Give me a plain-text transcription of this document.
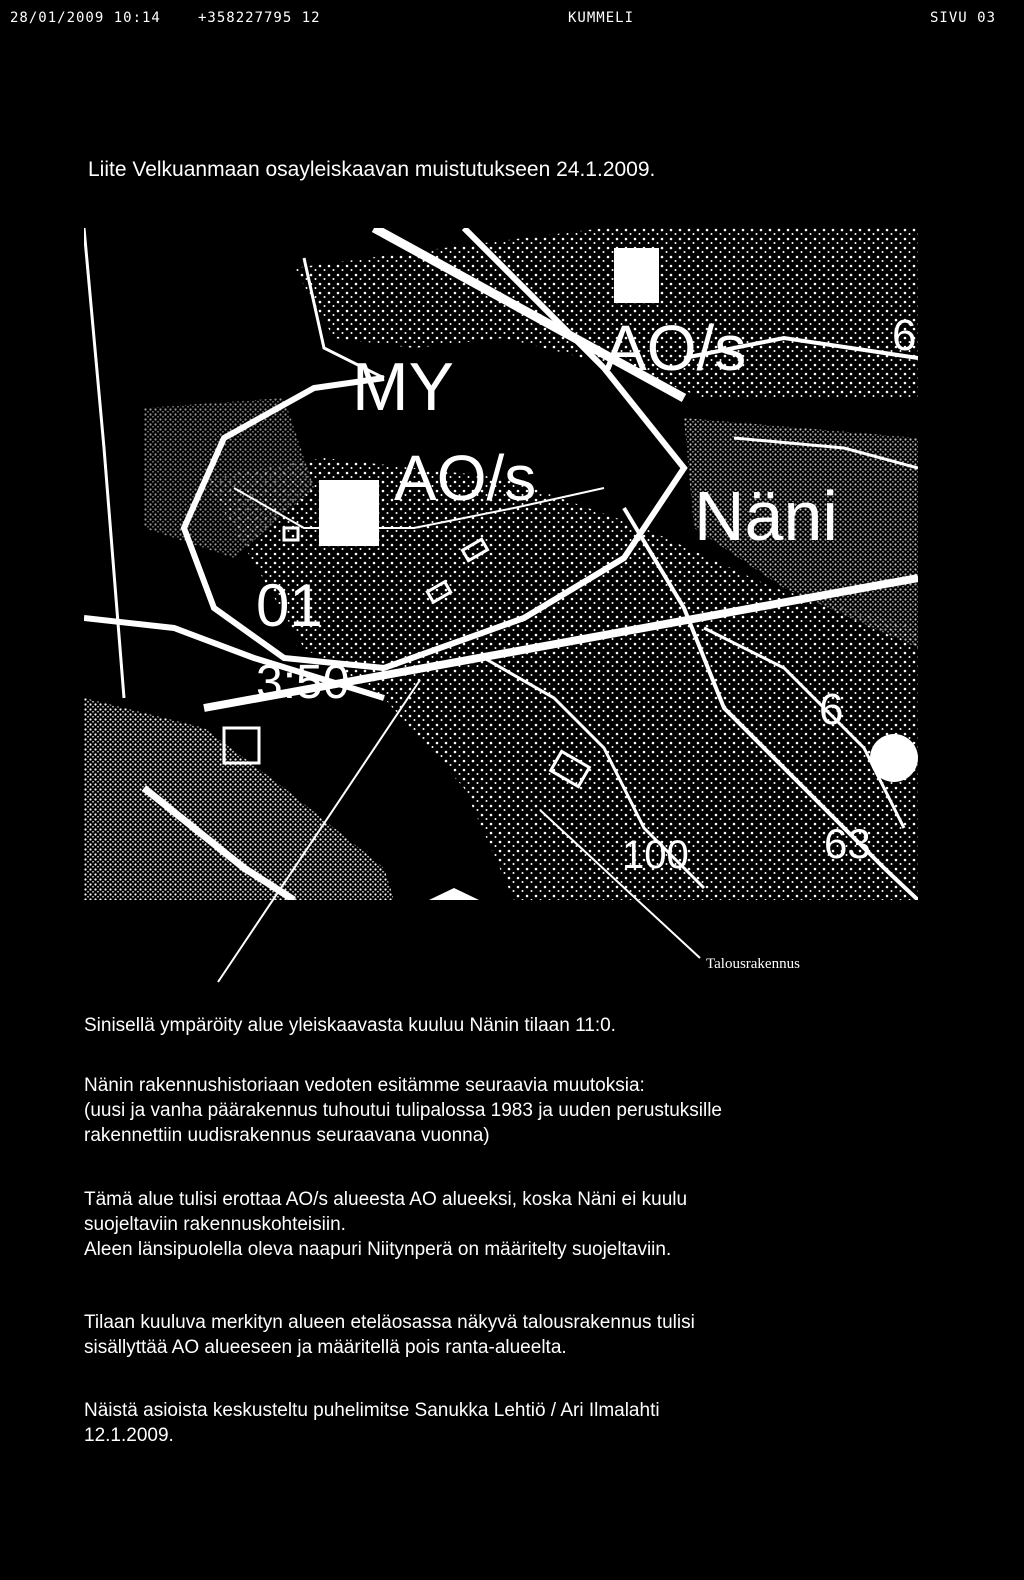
28/01/2009 10:14	+358227795 12	KUMMELI	SIVU 03
Liite Velkuanmaan osayleiskaavan muistutukseen 24.1.2009.
MY
AO/s
AO/s Näni
6
6
100	63
01
3:50
Talousrakennus
Sinisellä ympäröity alue yleiskaavasta kuuluu Nänin tilaan 11:0.
Nänin rakennushistoriaan vedoten esitämme seuraavia muutoksia:
(uusi ja vanha päärakennus tuhoutui tulipalossa 1983 ja uuden perustuksille
rakennettiin uudisrakennus seuraavana vuonna)
Tämä alue tulisi erottaa AO/s alueesta AO alueeksi, koska Näni ei kuulu
suojeltaviin rakennuskohteisiin.
Aleen länsipuolella oleva naapuri Niitynperä on määritelty suojeltaviin.
Tilaan kuuluva merkityn alueen eteläosassa näkyvä talousrakennus tulisi
sisällyttää AO alueeseen ja määritellä pois ranta-alueelta.
Näistä asioista keskusteltu puhelimitse Sanukka Lehtiö / Ari Ilmalahti
12.1.2009.
